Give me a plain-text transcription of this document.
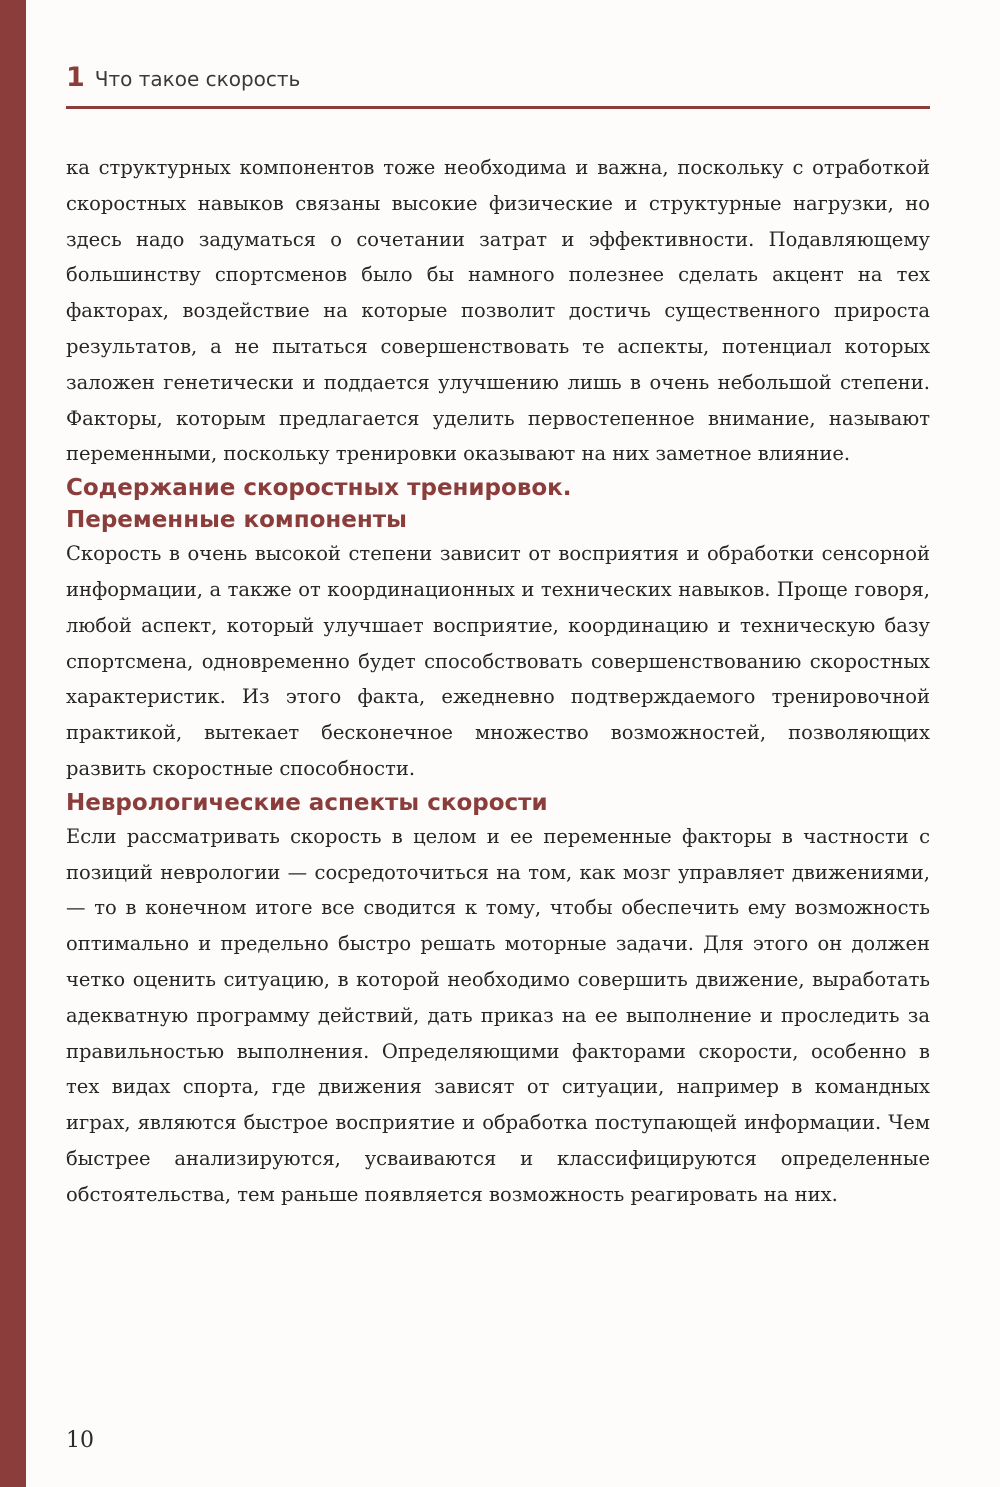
1 Что такое скорость

ка структурных компонентов тоже необходима и важна, поскольку с отработкой скоростных навыков связаны высокие физические и структурные нагрузки, но здесь надо задуматься о сочетании затрат и эффективности. Подавляющему большинству спортсменов было бы намного полезнее сделать акцент на тех факторах, воздействие на которые позволит достичь существенного прироста результатов, а не пытаться совершенствовать те аспекты, потенциал которых заложен генетически и поддается улучшению лишь в очень небольшой степени. Факторы, которым предлагается уделить первостепенное внимание, называют переменными, поскольку тренировки оказывают на них заметное влияние.

Содержание скоростных тренировок.
Переменные компоненты

Скорость в очень высокой степени зависит от восприятия и обработки сенсорной информации, а также от координационных и технических навыков. Проще говоря, любой аспект, который улучшает восприятие, координацию и техническую базу спортсмена, одновременно будет способствовать совершенствованию скоростных характеристик. Из этого факта, ежедневно подтверждаемого тренировочной практикой, вытекает бесконечное множество возможностей, позволяющих развить скоростные способности.

Неврологические аспекты скорости

Если рассматривать скорость в целом и ее переменные факторы в частности с позиций неврологии — сосредоточиться на том, как мозг управляет движениями, — то в конечном итоге все сводится к тому, чтобы обеспечить ему возможность оптимально и предельно быстро решать моторные задачи. Для этого он должен четко оценить ситуацию, в которой необходимо совершить движение, выработать адекватную программу действий, дать приказ на ее выполнение и проследить за правильностью выполнения. Определяющими факторами скорости, особенно в тех видах спорта, где движения зависят от ситуации, например в командных играх, являются быстрое восприятие и обработка поступающей информации. Чем быстрее анализируются, усваиваются и классифицируются определенные обстоятельства, тем раньше появляется возможность реагировать на них.

10
